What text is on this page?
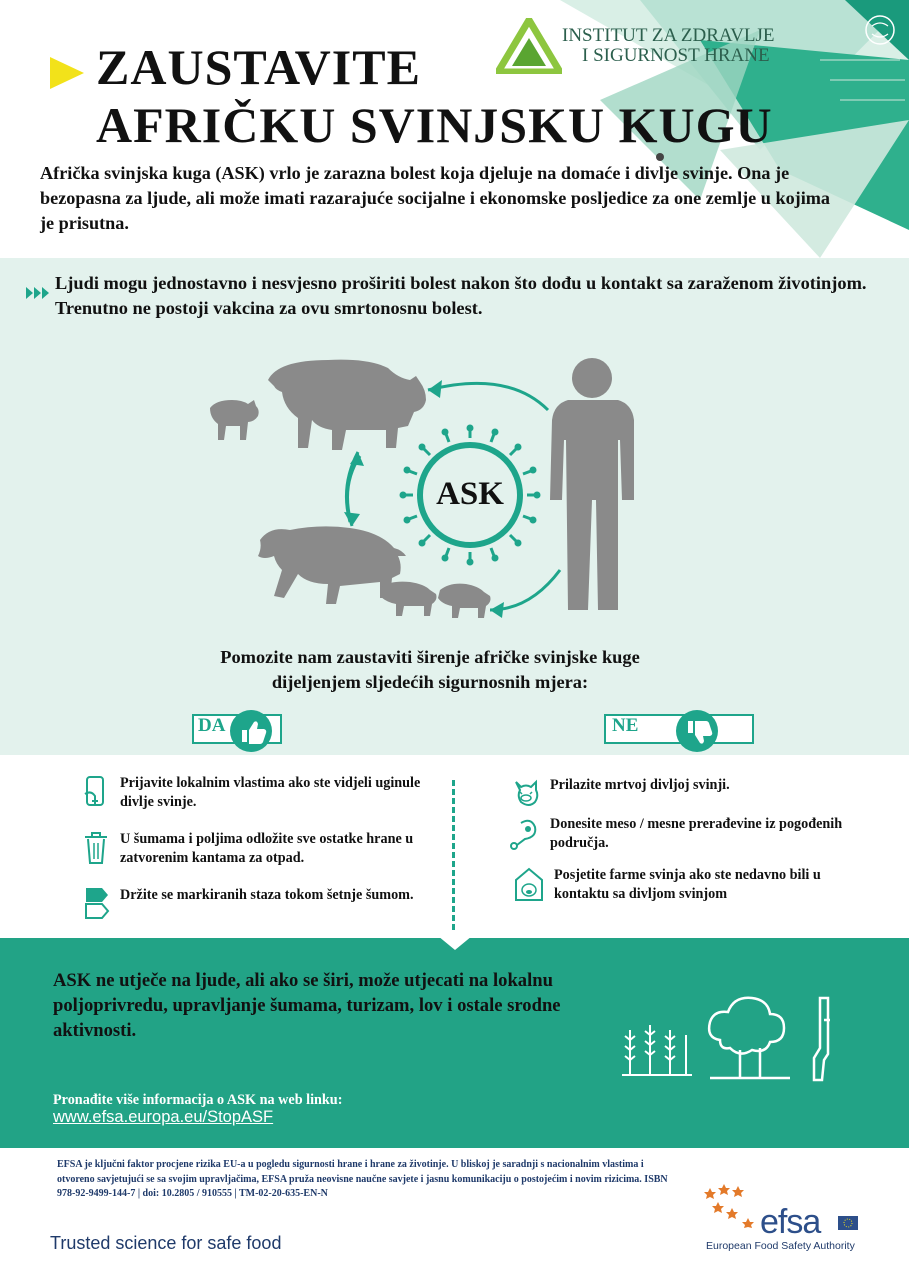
ZAUSTAVITE
AFRIČKU SVINJSKU KUGU
INSTITUT ZA ZDRAVLJE
I SIGURNOST HRANE

Afrička svinjska kuga (ASK) vrlo je zarazna bolest koja djeluje na domaće i divlje svinje. Ona je bezopasna za ljude, ali može imati razarajuće socijalne i ekonomske posljedice za one zemlje u kojima je prisutna.

Ljudi mogu jednostavno i nesvjesno proširiti bolest nakon što dođu u kontakt sa zaraženom životinjom. Trenutno ne postoji vakcina za ovu smrtonosnu bolest.

ASK
Pomozite nam zaustaviti širenje afričke svinjske kuge
dijeljenjem sljedećih sigurnosnih mjera:
DA	NE
Prijavite lokalnim vlastima ako ste vidjeli uginule divlje svinje.
U šumama i poljima odložite sve ostatke hrane u zatvorenim kantama za otpad.
Držite se markiranih staza tokom šetnje šumom.
Prilazite mrtvoj divljoj svinji.
Donesite meso / mesne prerađevine iz pogođenih područja.
Posjetite farme svinja ako ste nedavno bili u kontaktu sa divljom svinjom

ASK ne utječe na ljude, ali ako se širi, može utjecati na lokalnu poljoprivredu, upravljanje šumama, turizam, lov i ostale srodne aktivnosti.

Pronađite više informacija o ASK na web linku:
www.efsa.europa.eu/StopASF

EFSA je ključni faktor procjene rizika EU-a u pogledu sigurnosti hrane i hrane za životinje. U bliskoj je saradnji s nacionalnim vlastima i otvoreno savjetujući se sa svojim upravljačima, EFSA pruža neovisne naučne savjete i jasnu komunikaciju o postojećim i novim rizicima. ISBN 978-92-9499-144-7 | doi: 10.2805 / 910555 | TM-02-20-635-EN-N

Trusted science for safe food
efsa
European Food Safety Authority
